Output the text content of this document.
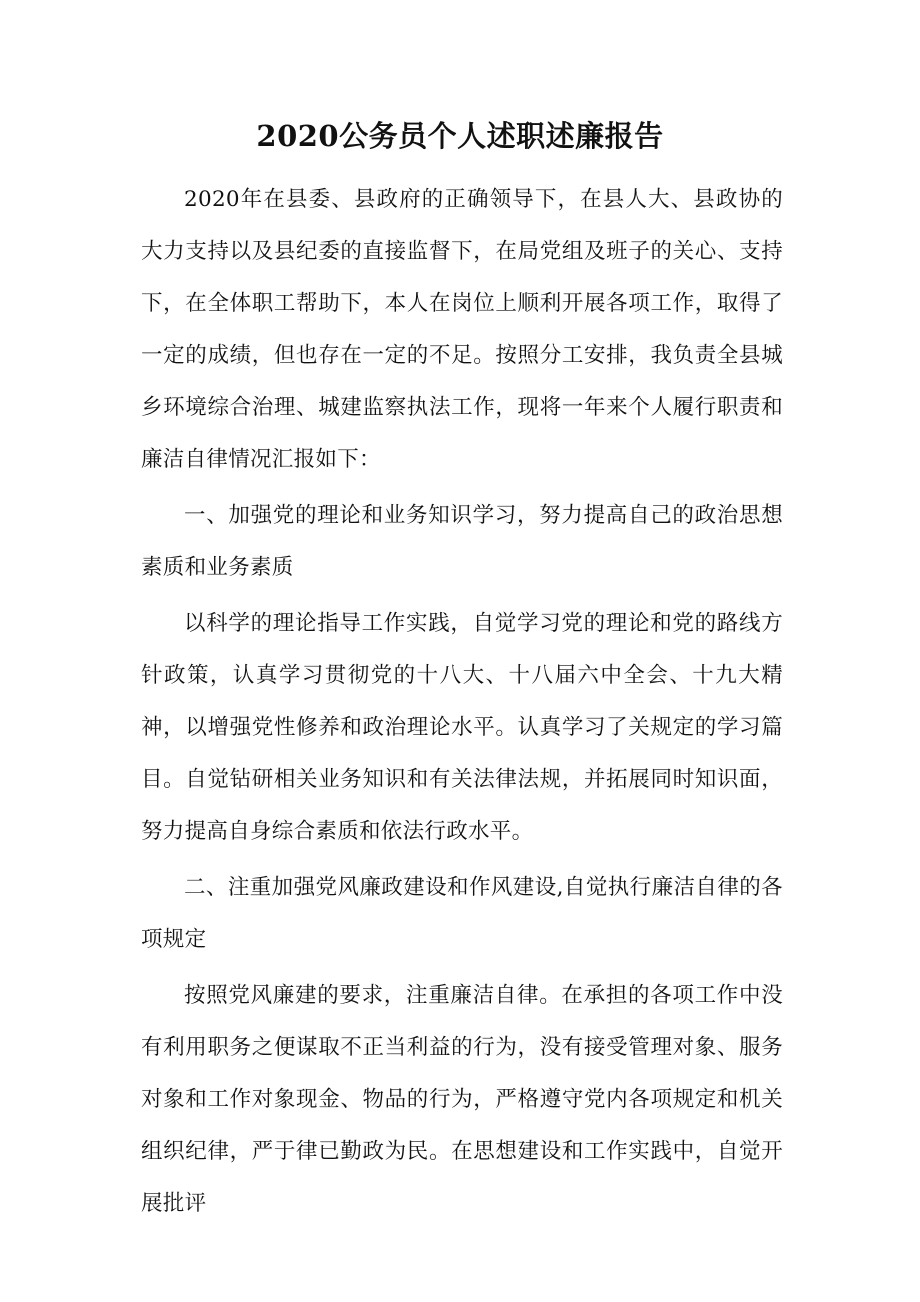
2020公务员个人述职述廉报告

2020年在县委、县政府的正确领导下，在县人大、县政协的大力支持以及县纪委的直接监督下，在局党组及班子的关心、支持下，在全体职工帮助下，本人在岗位上顺利开展各项工作，取得了一定的成绩，但也存在一定的不足。按照分工安排，我负责全县城乡环境综合治理、城建监察执法工作，现将一年来个人履行职责和廉洁自律情况汇报如下：

一、加强党的理论和业务知识学习，努力提高自己的政治思想素质和业务素质

以科学的理论指导工作实践，自觉学习党的理论和党的路线方针政策，认真学习贯彻党的十八大、十八届六中全会、十九大精神，以增强党性修养和政治理论水平。认真学习了关规定的学习篇目。自觉钻研相关业务知识和有关法律法规，并拓展同时知识面，努力提高自身综合素质和依法行政水平。

二、注重加强党风廉政建设和作风建设,自觉执行廉洁自律的各项规定

按照党风廉建的要求，注重廉洁自律。在承担的各项工作中没有利用职务之便谋取不正当利益的行为，没有接受管理对象、服务对象和工作对象现金、物品的行为，严格遵守党内各项规定和机关组织纪律，严于律已勤政为民。在思想建设和工作实践中，自觉开展批评
